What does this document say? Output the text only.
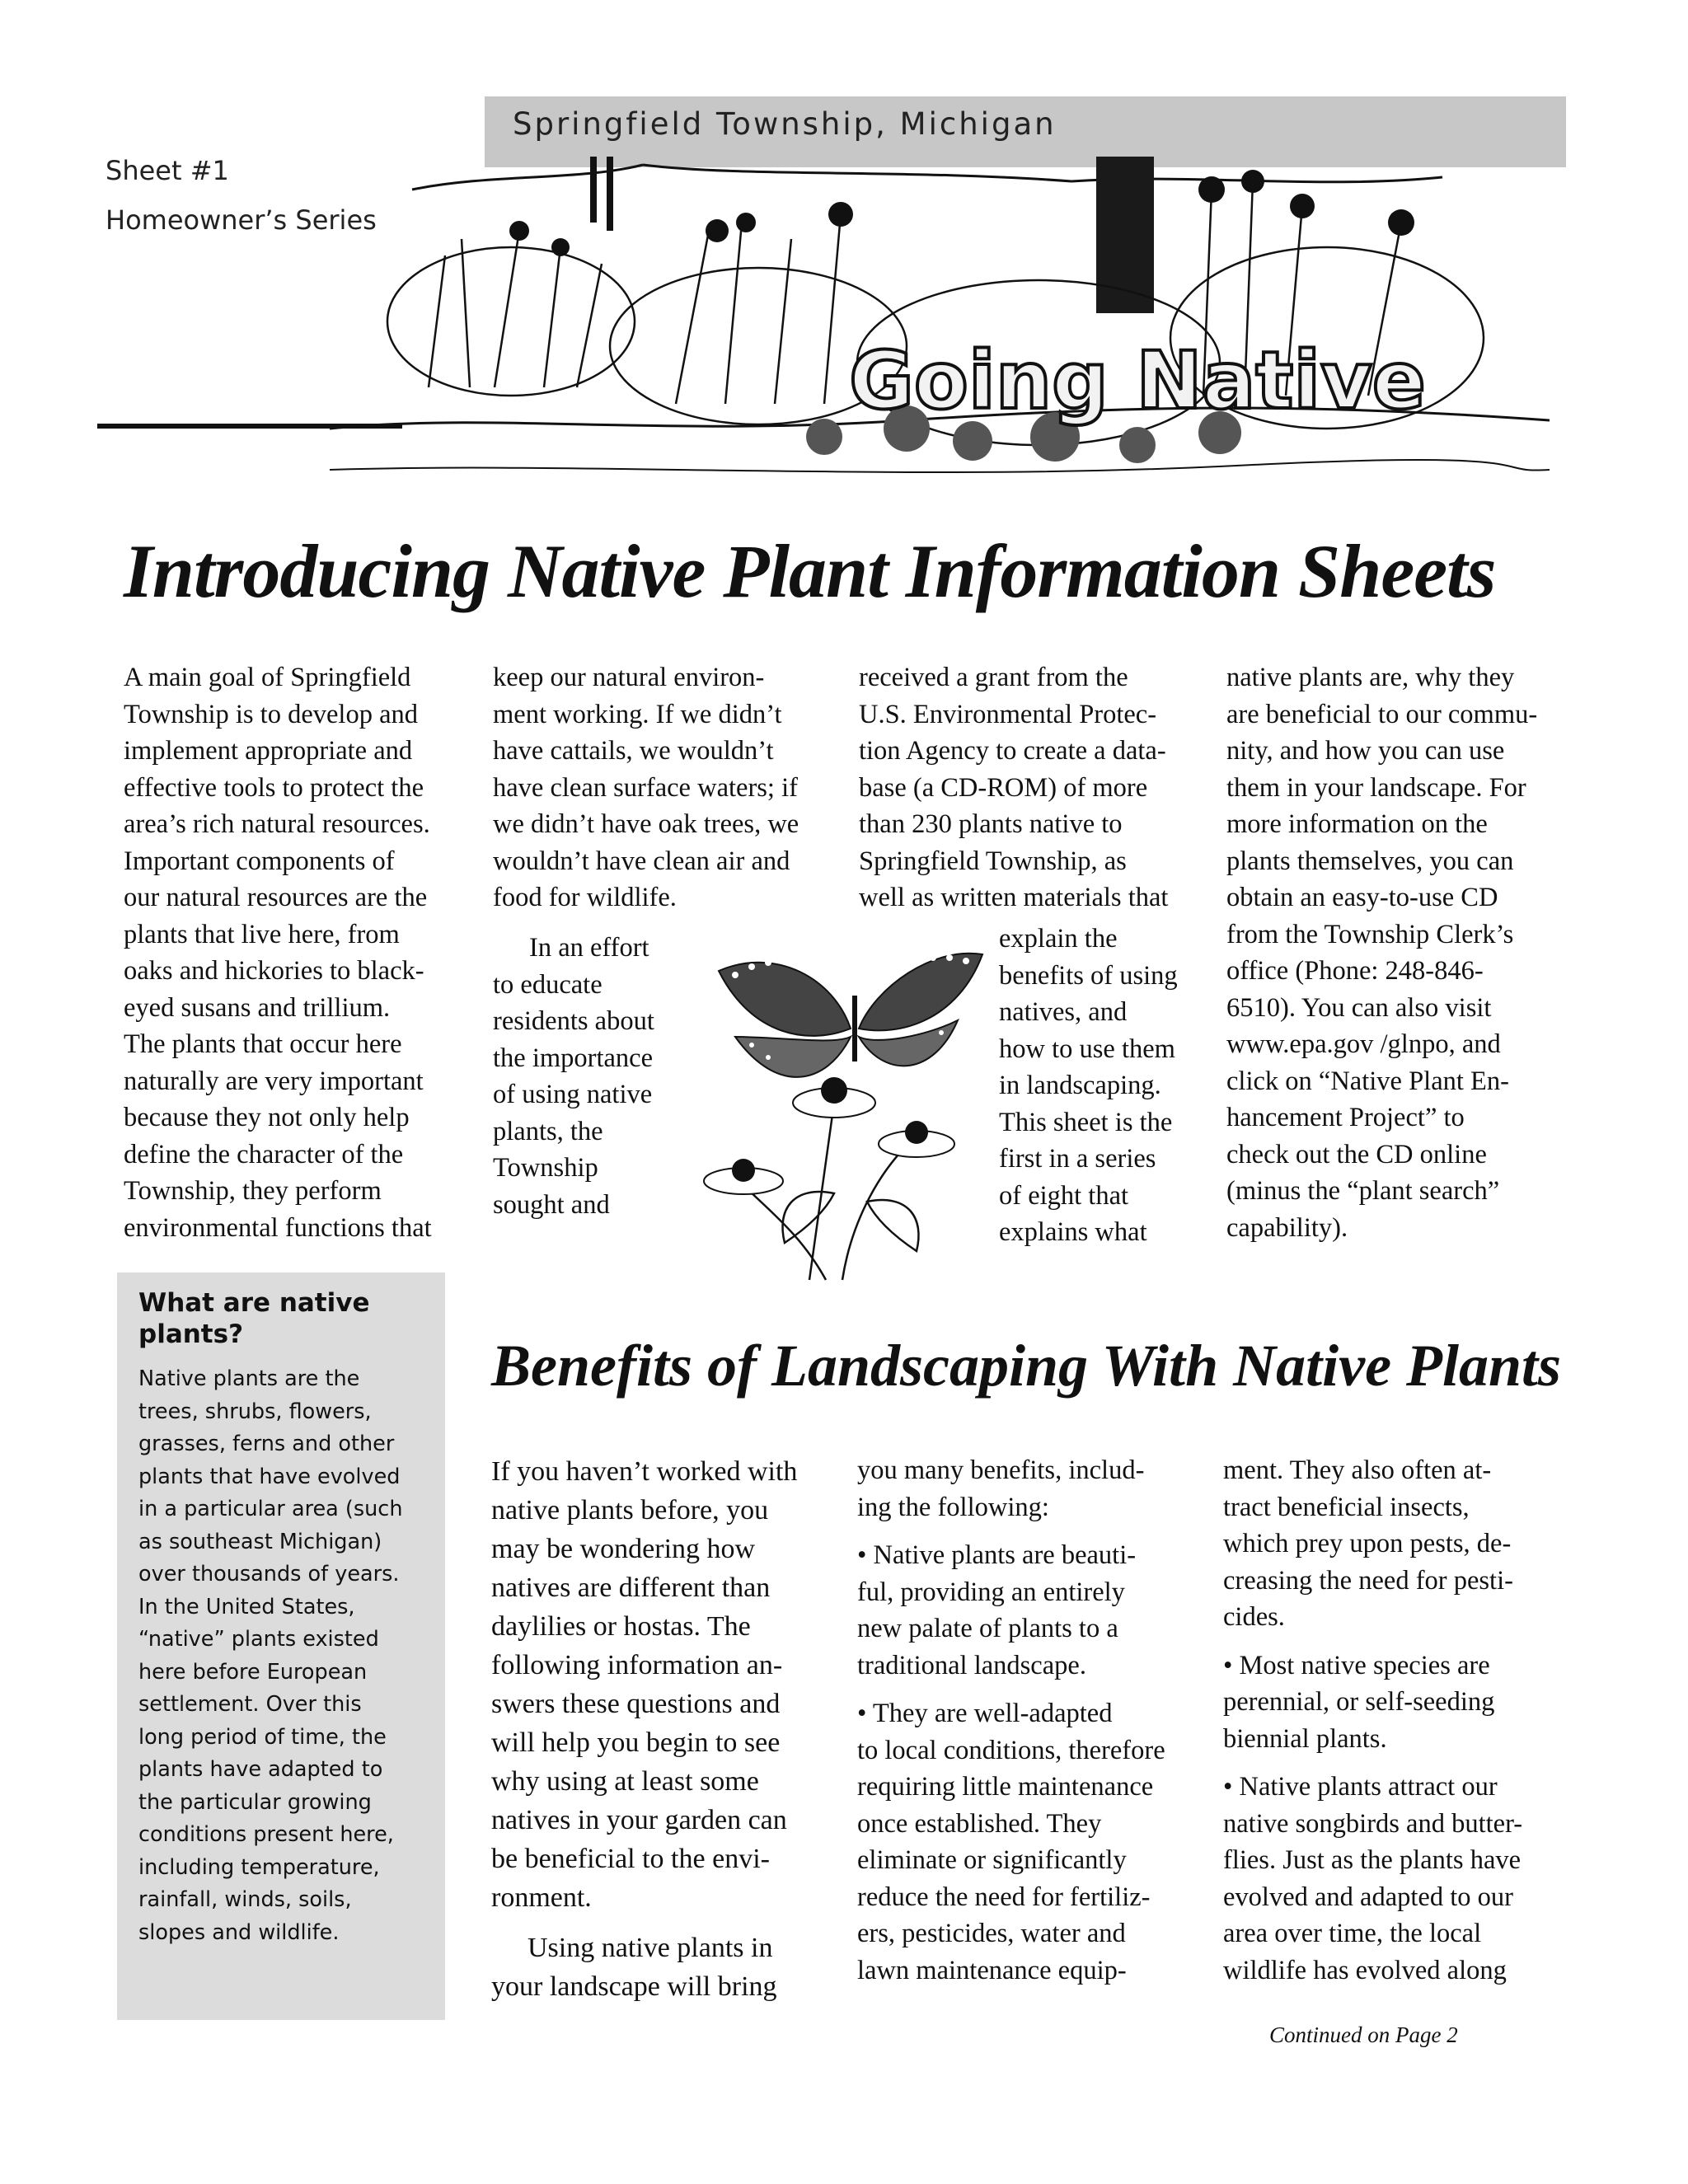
Springfield Township, Michigan
Sheet #1
Homeowner’s Series
Going Native
Introducing Native Plant Information Sheets
A main goal of Springfield
Township is to develop and
implement appropriate and
effective tools to protect the
area’s rich natural resources.
Important components of
our natural resources are the
plants that live here, from
oaks and hickories to black-
eyed susans and trillium.
The plants that occur here
naturally are very important
because they not only help
define the character of the
Township, they perform
environmental functions that
keep our natural environ-
ment working. If we didn’t
have cattails, we wouldn’t
have clean surface waters; if
we didn’t have oak trees, we
wouldn’t have clean air and
food for wildlife.
In an effort
to educate
residents about
the importance
of using native
plants, the
Township
sought and
received a grant from the
U.S. Environmental Protec-
tion Agency to create a data-
base (a CD-ROM) of more
than 230 plants native to
Springfield Township, as
well as written materials that
explain the
benefits of using
natives, and
how to use them
in landscaping.
This sheet is the
first in a series
of eight that
explains what
native plants are, why they
are beneficial to our commu-
nity, and how you can use
them in your landscape. For
more information on the
plants themselves, you can
obtain an easy-to-use CD
from the Township Clerk’s
office (Phone: 248-846-
6510). You can also visit
www.epa.gov /glnpo, and
click on “Native Plant En-
hancement Project” to
check out the CD online
(minus the “plant search”
capability).
What are native plants?
Native plants are the
trees, shrubs, flowers,
grasses, ferns and other
plants that have evolved
in a particular area (such
as southeast Michigan)
over thousands of years.
In the United States,
“native” plants existed
here before European
settlement. Over this
long period of time, the
plants have adapted to
the particular growing
conditions present here,
including temperature,
rainfall, winds, soils,
slopes and wildlife.
Benefits of Landscaping With Native Plants
If you haven’t worked with
native plants before, you
may be wondering how
natives are different than
daylilies or hostas. The
following information an-
swers these questions and
will help you begin to see
why using at least some
natives in your garden can
be beneficial to the envi-
ronment.
Using native plants in
your landscape will bring
you many benefits, includ-
ing the following:
• Native plants are beauti-
ful, providing an entirely
new palate of plants to a
traditional landscape.
• They are well-adapted
to local conditions, therefore
requiring little maintenance
once established. They
eliminate or significantly
reduce the need for fertiliz-
ers, pesticides, water and
lawn maintenance equip-
ment. They also often at-
tract beneficial insects,
which prey upon pests, de-
creasing the need for pesti-
cides.
• Most native species are
perennial, or self-seeding
biennial plants.
• Native plants attract our
native songbirds and butter-
flies. Just as the plants have
evolved and adapted to our
area over time, the local
wildlife has evolved along
Continued on Page 2
